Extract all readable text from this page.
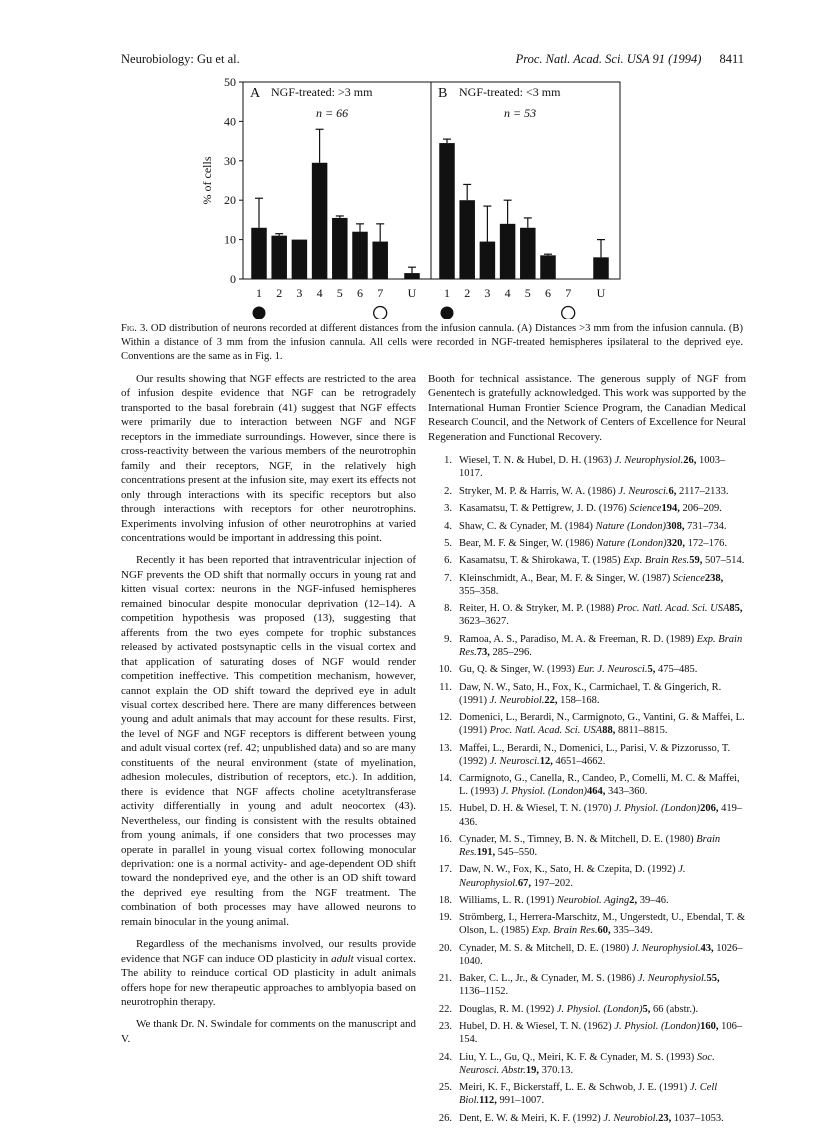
Neurobiology: Gu et al.	Proc. Natl. Acad. Sci. USA 91 (1994) 8411
0
10
20
30
40
50
% of cells
A NGF-treated: >3 mm
n = 66
1 2 3 4 5 6 7 U
B NGF-treated: <3 mm
n = 53
1 2 3 4 5 6 7 U
Fig. 3. OD distribution of neurons recorded at different distances from the infusion cannula. (A) Distances >3 mm from the infusion cannula. (B) Within a distance of 3 mm from the infusion cannula. All cells were recorded in NGF-treated hemispheres ipsilateral to the deprived eye. Conventions are the same as in Fig. 1.

Our results showing that NGF effects are restricted to the area of infusion despite evidence that NGF can be retrogradely transported to the basal forebrain (41) suggest that NGF effects were primarily due to interaction between NGF and NGF receptors in the immediate surroundings. However, since there is cross-reactivity between the various members of the neurotrophin family and their receptors, NGF, in the relatively high concentrations present at the infusion site, may exert its effects not only through interactions with its specific receptors but also through interactions with receptors for other neurotrophins. Experiments involving infusion of other neurotrophins at varied concentrations would be important in addressing this point.

Recently it has been reported that intraventricular injection of NGF prevents the OD shift that normally occurs in young rat and kitten visual cortex: neurons in the NGF-infused hemispheres remained binocular despite monocular deprivation (12–14). A competition hypothesis was proposed (13), suggesting that afferents from the two eyes compete for trophic substances released by activated postsynaptic cells in the visual cortex and that application of saturating doses of NGF would render competition ineffective. This competition mechanism, however, cannot explain the OD shift toward the deprived eye in adult visual cortex described here. There are many differences between young and adult animals that may account for these results. First, the level of NGF and NGF receptors is different between young and adult visual cortex (ref. 42; unpublished data) and so are many constituents of the neural environment (state of myelination, adhesion molecules, distribution of receptors, etc.). In addition, there is evidence that NGF affects choline acetyltransferase activity differentially in young and adult neocortex (43). Nevertheless, our finding is consistent with the results obtained from young animals, if one considers that two processes may operate in parallel in young visual cortex following monocular deprivation: one is a normal activity- and age-dependent OD shift toward the nondeprived eye, and the other is an OD shift toward the deprived eye resulting from the NGF treatment. The combination of both processes may have allowed neurons to remain binocular in the young animal.

Regardless of the mechanisms involved, our results provide evidence that NGF can induce OD plasticity in adult visual cortex. The ability to reinduce cortical OD plasticity in adult animals offers hope for new therapeutic approaches to amblyopia based on neurotrophin therapy.

We thank Dr. N. Swindale for comments on the manuscript and V.

Booth for technical assistance. The generous supply of NGF from Genentech is gratefully acknowledged. This work was supported by the International Human Frontier Science Program, the Canadian Medical Research Council, and the Network of Centers of Excellence for Neural Regeneration and Functional Recovery.

1. Wiesel, T. N. & Hubel, D. H. (1963) J. Neurophysiol.26, 1003–1017.
2. Stryker, M. P. & Harris, W. A. (1986) J. Neurosci.6, 2117–2133.
3. Kasamatsu, T. & Pettigrew, J. D. (1976) Science194, 206–209.
4. Shaw, C. & Cynader, M. (1984) Nature (London)308, 731–734.
5. Bear, M. F. & Singer, W. (1986) Nature (London)320, 172–176.
6. Kasamatsu, T. & Shirokawa, T. (1985) Exp. Brain Res.59, 507–514.
7. Kleinschmidt, A., Bear, M. F. & Singer, W. (1987) Science238, 355–358.
8. Reiter, H. O. & Stryker, M. P. (1988) Proc. Natl. Acad. Sci. USA85, 3623–3627.
9. Ramoa, A. S., Paradiso, M. A. & Freeman, R. D. (1989) Exp. Brain Res.73, 285–296.
10. Gu, Q. & Singer, W. (1993) Eur. J. Neurosci.5, 475–485.
11. Daw, N. W., Sato, H., Fox, K., Carmichael, T. & Gingerich, R. (1991) J. Neurobiol.22, 158–168.
12. Domenici, L., Berardi, N., Carmignoto, G., Vantini, G. & Maffei, L. (1991) Proc. Natl. Acad. Sci. USA88, 8811–8815.
13. Maffei, L., Berardi, N., Domenici, L., Parisi, V. & Pizzorusso, T. (1992) J. Neurosci.12, 4651–4662.
14. Carmignoto, G., Canella, R., Candeo, P., Comelli, M. C. & Maffei, L. (1993) J. Physiol. (London)464, 343–360.
15. Hubel, D. H. & Wiesel, T. N. (1970) J. Physiol. (London)206, 419–436.
16. Cynader, M. S., Timney, B. N. & Mitchell, D. E. (1980) Brain Res.191, 545–550.
17. Daw, N. W., Fox, K., Sato, H. & Czepita, D. (1992) J. Neurophysiol.67, 197–202.
18. Williams, L. R. (1991) Neurobiol. Aging2, 39–46.
19. Strömberg, I., Herrera-Marschitz, M., Ungerstedt, U., Ebendal, T. & Olson, L. (1985) Exp. Brain Res.60, 335–349.
20. Cynader, M. S. & Mitchell, D. E. (1980) J. Neurophysiol.43, 1026–1040.
21. Baker, C. L., Jr., & Cynader, M. S. (1986) J. Neurophysiol.55, 1136–1152.
22. Douglas, R. M. (1992) J. Physiol. (London)5, 66 (abstr.).
23. Hubel, D. H. & Wiesel, T. N. (1962) J. Physiol. (London)160, 106–154.
24. Liu, Y. L., Gu, Q., Meiri, K. F. & Cynader, M. S. (1993) Soc. Neurosci. Abstr.19, 370.13.
25. Meiri, K. F., Bickerstaff, L. E. & Schwob, J. E. (1991) J. Cell Biol.112, 991–1007.
26. Dent, E. W. & Meiri, K. F. (1992) J. Neurobiol.23, 1037–1053.
